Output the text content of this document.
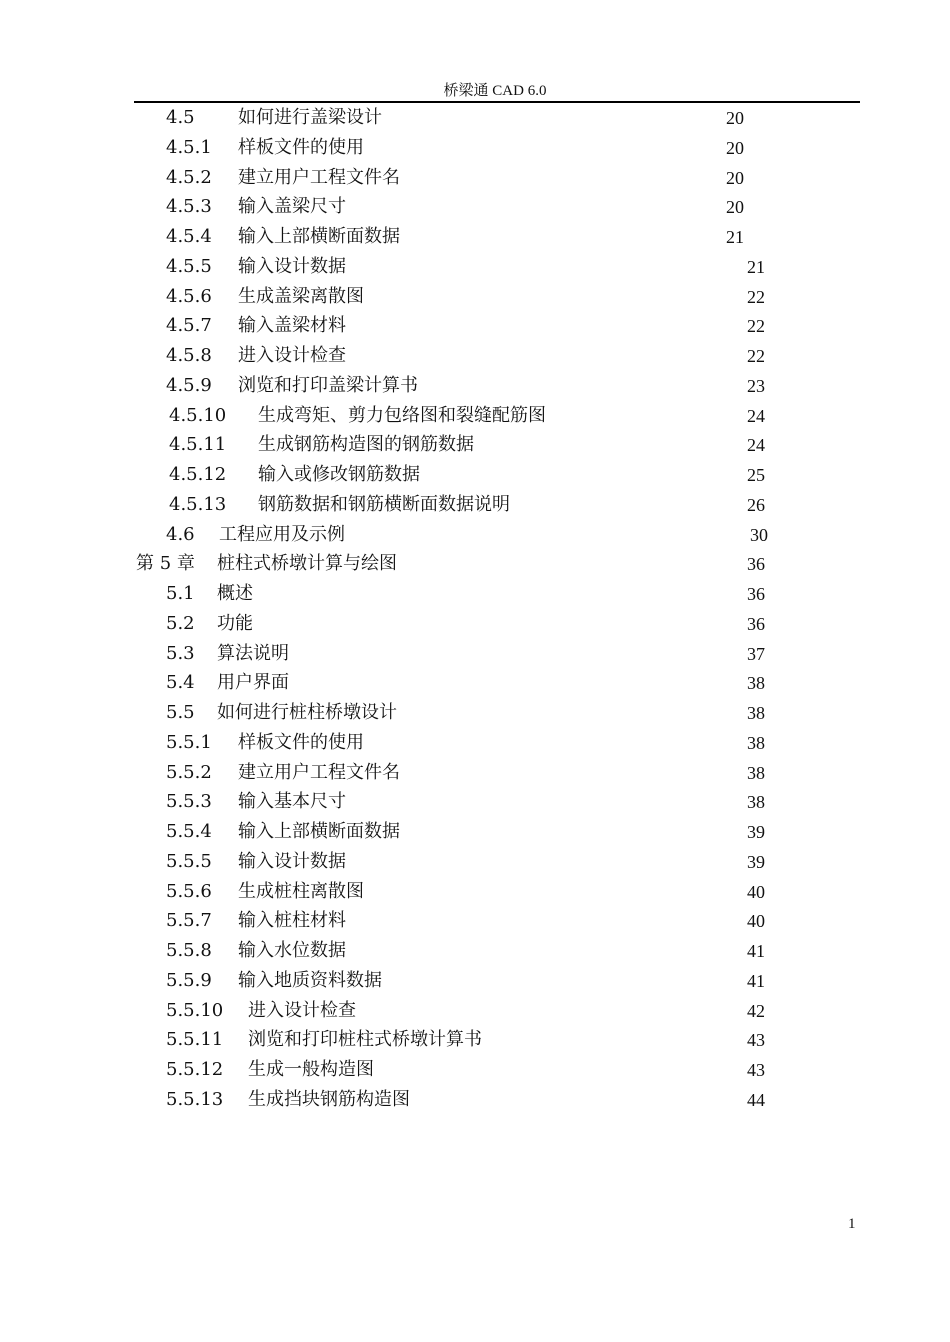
桥梁通 CAD 6.0
4.5 如何进行盖梁设计	20
4.5.1 样板文件的使用	20
4.5.2 建立用户工程文件名	20
4.5.3 输入盖梁尺寸	20
4.5.4 输入上部横断面数据	21
4.5.5 输入设计数据	21
4.5.6 生成盖梁离散图	22
4.5.7 输入盖梁材料	22
4.5.8 进入设计检查	22
4.5.9 浏览和打印盖梁计算书	23
4.5.10 生成弯矩、剪力包络图和裂缝配筋图	24
4.5.11 生成钢筋构造图的钢筋数据	24
4.5.12 输入或修改钢筋数据	25
4.5.13 钢筋数据和钢筋横断面数据说明	26
4.6 工程应用及示例	30
第 5 章 桩柱式桥墩计算与绘图	36
5.1 概述	36
5.2 功能	36
5.3 算法说明	37
5.4 用户界面	38
5.5 如何进行桩柱桥墩设计	38
5.5.1 样板文件的使用	38
5.5.2 建立用户工程文件名	38
5.5.3 输入基本尺寸	38
5.5.4 输入上部横断面数据	39
5.5.5 输入设计数据	39
5.5.6 生成桩柱离散图	40
5.5.7 输入桩柱材料	40
5.5.8 输入水位数据	41
5.5.9 输入地质资料数据	41
5.5.10 进入设计检查	42
5.5.11 浏览和打印桩柱式桥墩计算书	43
5.5.12 生成一般构造图	43
5.5.13 生成挡块钢筋构造图	44
1
